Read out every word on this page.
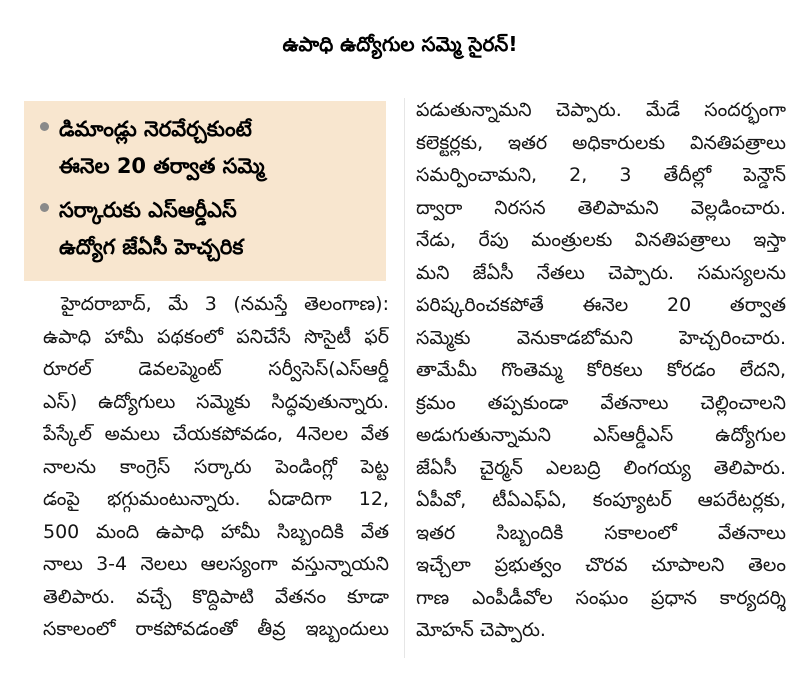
ఉపాధి ఉద్యోగుల సమ్మె సైరన్!
డిమాండ్లు నెరవేర్చకుంటే
ఈనెల 20 తర్వాత సమ్మె
సర్కారుకు ఎస్ఆర్డీఎస్
ఉద్యోగ జేఏసీ హెచ్చరిక
హైదరాబాద్, మే 3 (నమస్తే తెలంగాణ):
ఉపాధి హామీ పథకంలో పనిచేసే సొసైటీ ఫర్
రూరల్ డెవలప్మెంట్ సర్వీసెస్(ఎస్ఆర్డీ
ఎస్) ఉద్యోగులు సమ్మెకు సిద్ధవుతున్నారు.
పేస్కేల్ అమలు చేయకపోవడం, 4నెలల వేత
నాలను కాంగ్రెస్ సర్కారు పెండింగ్లో పెట్ట
డంపై భగ్గుమంటున్నారు. ఏడాదిగా 12,
500 మంది ఉపాధి హామీ సిబ్బందికి వేత
నాలు 3-4 నెలలు ఆలస్యంగా వస్తున్నాయని
తెలిపారు. వచ్చే కొద్దిపాటి వేతనం కూడా
సకాలంలో రాకపోవడంతో తీవ్ర ఇబ్బందులు
పడుతున్నామని చెప్పారు. మేడే సందర్భంగా
కలెక్టర్లకు, ఇతర అధికారులకు వినతిపత్రాలు
సమర్పించామని, 2, 3 తేదీల్లో పెన్డౌన్
ద్వారా నిరసన తెలిపామని వెల్లడించారు.
నేడు, రేపు మంత్రులకు వినతిపత్రాలు ఇస్తా
మని జేఏసీ నేతలు చెప్పారు. సమస్యలను
పరిష్కరించకపోతే ఈనెల 20 తర్వాత
సమ్మెకు వెనుకాడబోమని హెచ్చరించారు.
తామేమీ గొంతెమ్మ కోరికలు కోరడం లేదని,
క్రమం తప్పకుండా వేతనాలు చెల్లించాలని
అడుగుతున్నామని ఎస్ఆర్డీఎస్ ఉద్యోగుల
జేఏసీ చైర్మన్ ఎలబద్రి లింగయ్య తెలిపారు.
ఏపీవో, టీఏఎఫ్ఏ, కంప్యూటర్ ఆపరేటర్లకు,
ఇతర సిబ్బందికి సకాలంలో వేతనాలు
ఇచ్చేలా ప్రభుత్వం చొరవ చూపాలని తెలం
గాణ ఎంపీడీవోల సంఘం ప్రధాన కార్యదర్శి
మోహన్ చెప్పారు.
